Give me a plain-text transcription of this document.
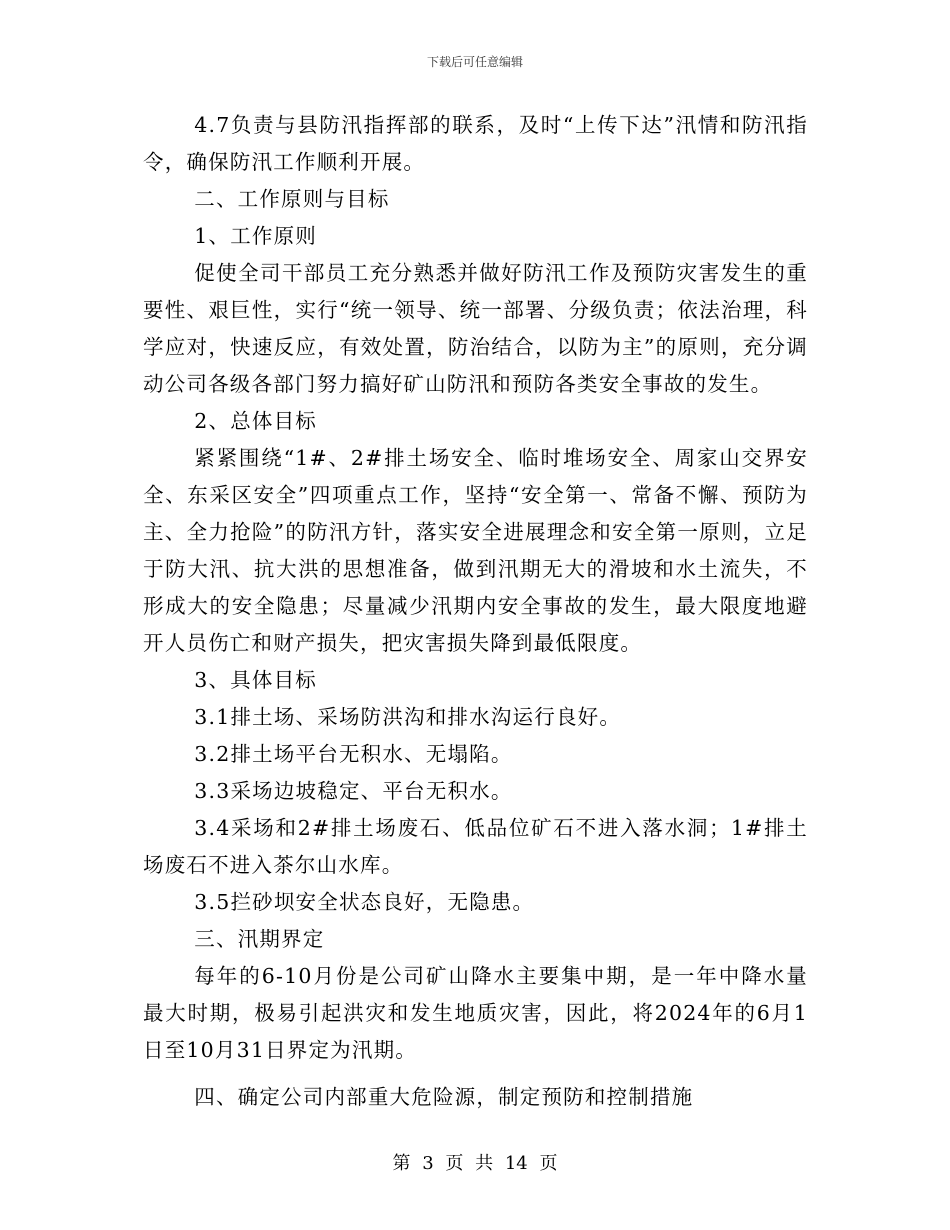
下载后可任意编辑

4.7负责与县防汛指挥部的联系，及时“上传下达”汛情和防汛指令，确保防汛工作顺利开展。

二、工作原则与目标

1、工作原则

促使全司干部员工充分熟悉并做好防汛工作及预防灾害发生的重要性、艰巨性，实行“统一领导、统一部署、分级负责；依法治理，科学应对，快速反应，有效处置，防治结合，以防为主”的原则，充分调动公司各级各部门努力搞好矿山防汛和预防各类安全事故的发生。

2、总体目标

紧紧围绕“1#、2#排土场安全、临时堆场安全、周家山交界安全、东采区安全”四项重点工作，坚持“安全第一、常备不懈、预防为主、全力抢险”的防汛方针，落实安全进展理念和安全第一原则，立足于防大汛、抗大洪的思想准备，做到汛期无大的滑坡和水土流失，不形成大的安全隐患；尽量减少汛期内安全事故的发生，最大限度地避开人员伤亡和财产损失，把灾害损失降到最低限度。

3、具体目标

3.1排土场、采场防洪沟和排水沟运行良好。

3.2排土场平台无积水、无塌陷。

3.3采场边坡稳定、平台无积水。

3.4采场和2#排土场废石、低品位矿石不进入落水洞；1#排土场废石不进入茶尔山水库。

3.5拦砂坝安全状态良好，无隐患。

三、汛期界定

每年的6-10月份是公司矿山降水主要集中期，是一年中降水量最大时期，极易引起洪灾和发生地质灾害，因此，将2024年的6月1日至10月31日界定为汛期。

四、确定公司内部重大危险源，制定预防和控制措施

第 3 页 共 14 页
